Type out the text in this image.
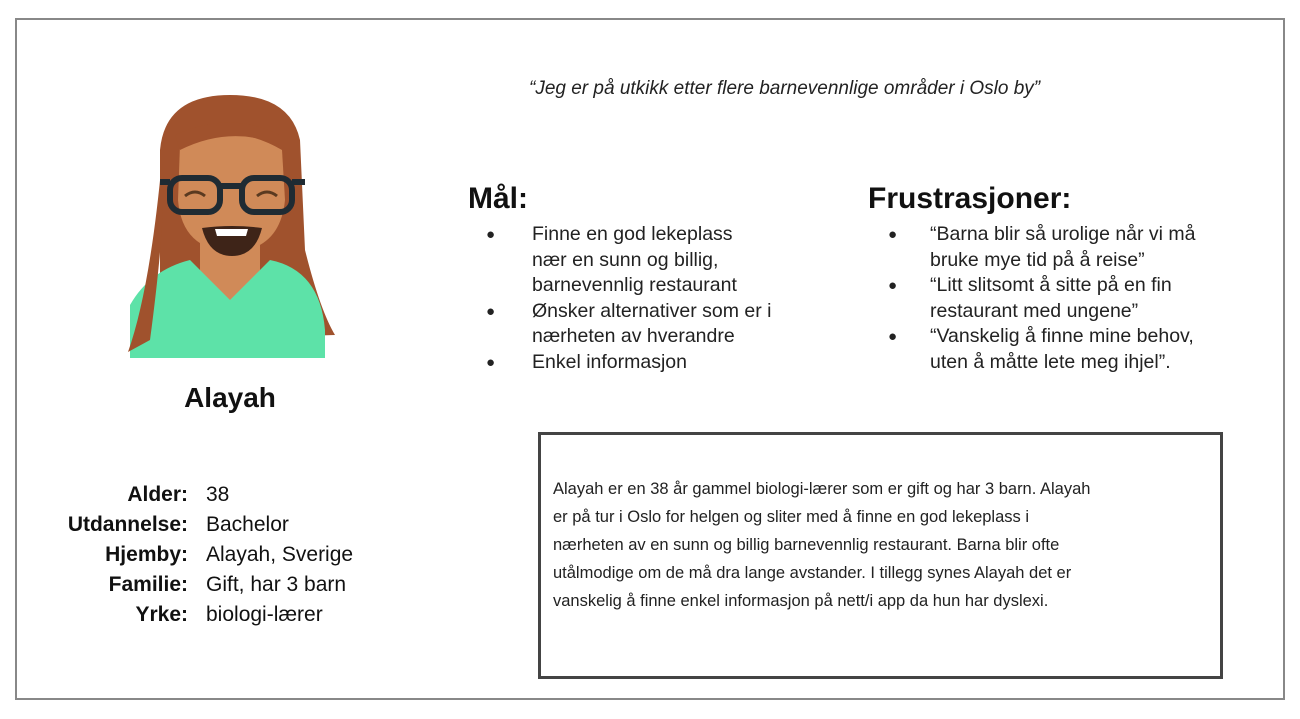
“Jeg er på utkikk etter flere barnevennlige områder i Oslo by”
Alayah
Alder: 38
Utdannelse: Bachelor
Hjemby: Alayah, Sverige
Familie: Gift, har 3 barn
Yrke: biologi-lærer
Mål:
● Finne en god lekeplass
nær en sunn og billig,
barnevennlig restaurant
● Ønsker alternativer som er i
nærheten av hverandre
● Enkel informasjon
Frustrasjoner:
● “Barna blir så urolige når vi må
bruke mye tid på å reise”
● “Litt slitsomt å sitte på en fin
restaurant med ungene”
● “Vanskelig å finne mine behov,
uten å måtte lete meg ihjel”.
Alayah er en 38 år gammel biologi-lærer som er gift og har 3 barn. Alayah
er på tur i Oslo for helgen og sliter med å finne en god lekeplass i
nærheten av en sunn og billig barnevennlig restaurant. Barna blir ofte
utålmodige om de må dra lange avstander. I tillegg synes Alayah det er
vanskelig å finne enkel informasjon på nett/i app da hun har dyslexi.
